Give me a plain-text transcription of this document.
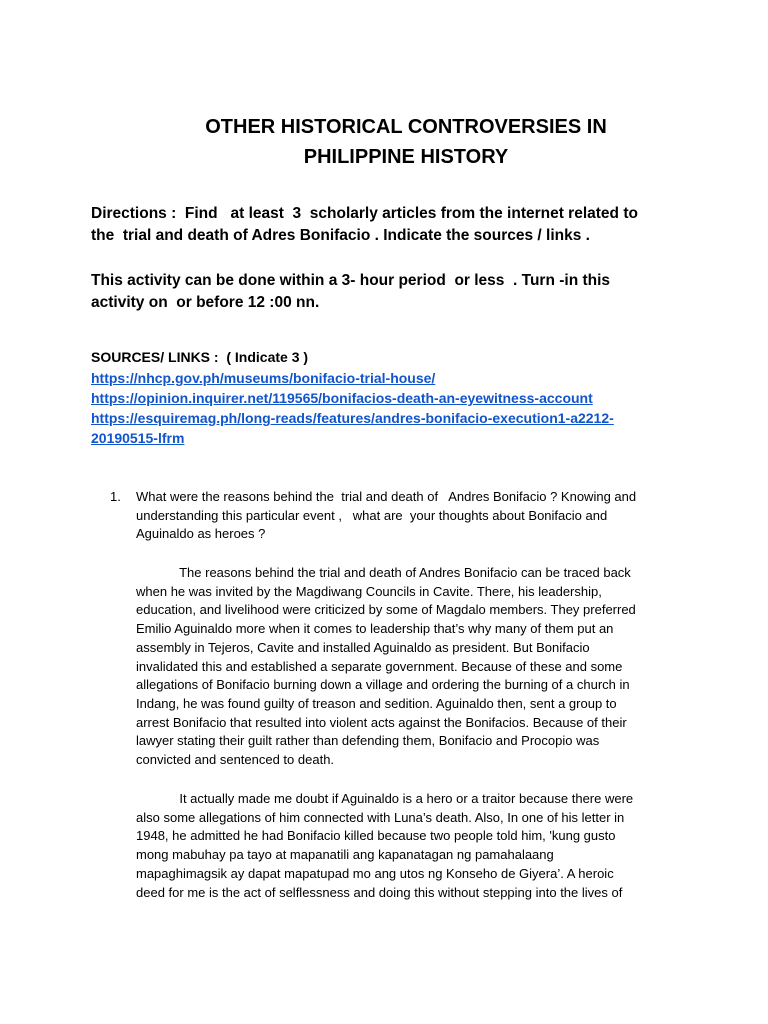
OTHER HISTORICAL CONTROVERSIES IN
PHILIPPINE HISTORY
Directions :  Find   at least  3  scholarly articles from the internet related to
the  trial and death of Adres Bonifacio . Indicate the sources / links .
This activity can be done within a 3- hour period  or less  . Turn -in this
activity on  or before 12 :00 nn.
SOURCES/ LINKS :  ( Indicate 3 )
https://nhcp.gov.ph/museums/bonifacio-trial-house/
https://opinion.inquirer.net/119565/bonifacios-death-an-eyewitness-account
https://esquiremag.ph/long-reads/features/andres-bonifacio-execution1-a2212-
20190515-lfrm
1. What were the reasons behind the  trial and death of   Andres Bonifacio ? Knowing and
understanding this particular event ,   what are  your thoughts about Bonifacio and
Aguinaldo as heroes ?
The reasons behind the trial and death of Andres Bonifacio can be traced back
when he was invited by the Magdiwang Councils in Cavite. There, his leadership,
education, and livelihood were criticized by some of Magdalo members. They preferred
Emilio Aguinaldo more when it comes to leadership that’s why many of them put an
assembly in Tejeros, Cavite and installed Aguinaldo as president. But Bonifacio
invalidated this and established a separate government. Because of these and some
allegations of Bonifacio burning down a village and ordering the burning of a church in
Indang, he was found guilty of treason and sedition. Aguinaldo then, sent a group to
arrest Bonifacio that resulted into violent acts against the Bonifacios. Because of their
lawyer stating their guilt rather than defending them, Bonifacio and Procopio was
convicted and sentenced to death.
It actually made me doubt if Aguinaldo is a hero or a traitor because there were
also some allegations of him connected with Luna’s death. Also, In one of his letter in
1948, he admitted he had Bonifacio killed because two people told him, 'kung gusto
mong mabuhay pa tayo at mapanatili ang kapanatagan ng pamahalaang
mapaghimagsik ay dapat mapatupad mo ang utos ng Konseho de Giyera’. A heroic
deed for me is the act of selflessness and doing this without stepping into the lives of
